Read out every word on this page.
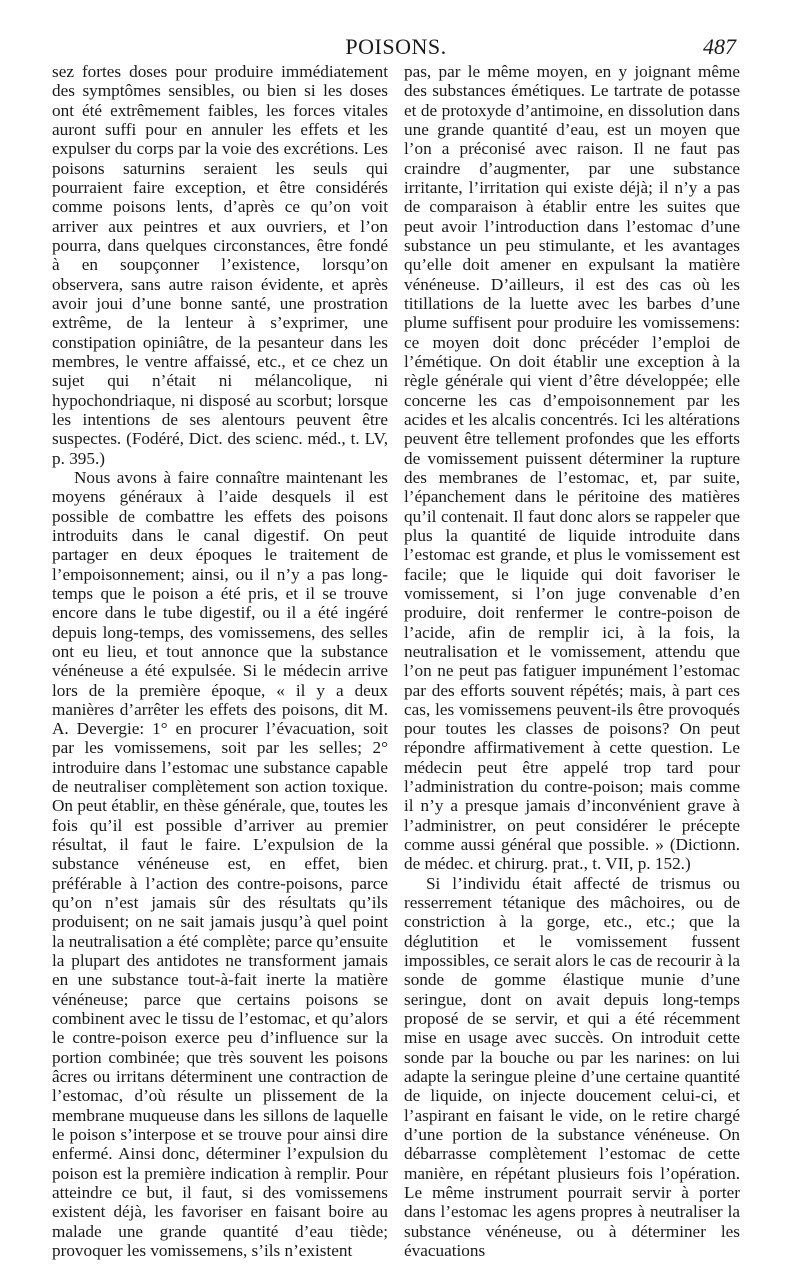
POISONS.	487

sez fortes doses pour produire immédiatement des symptômes sensibles, ou bien si les doses ont été extrêmement faibles, les forces vitales auront suffi pour en annuler les effets et les expulser du corps par la voie des excrétions. Les poisons saturnins seraient les seuls qui pourraient faire exception, et être considérés comme poisons lents, d’après ce qu’on voit arriver aux peintres et aux ouvriers, et l’on pourra, dans quelques circonstances, être fondé à en soupçonner l’existence, lorsqu’on observera, sans autre raison évidente, et après avoir joui d’une bonne santé, une prostration extrême, de la lenteur à s’exprimer, une constipation opiniâtre, de la pesanteur dans les membres, le ventre affaissé, etc., et ce chez un sujet qui n’était ni mélancolique, ni hypochondriaque, ni disposé au scorbut; lorsque les intentions de ses alentours peuvent être suspectes. (Fodéré, Dict. des scienc. méd., t. LV, p. 395.)

Nous avons à faire connaître maintenant les moyens généraux à l’aide desquels il est possible de combattre les effets des poisons introduits dans le canal digestif. On peut partager en deux époques le traitement de l’empoisonnement; ainsi, ou il n’y a pas long-temps que le poison a été pris, et il se trouve encore dans le tube digestif, ou il a été ingéré depuis long-temps, des vomissemens, des selles ont eu lieu, et tout annonce que la substance vénéneuse a été expulsée. Si le médecin arrive lors de la première époque, « il y a deux manières d’arrêter les effets des poisons, dit M. A. Devergie: 1° en procurer l’évacuation, soit par les vomissemens, soit par les selles; 2° introduire dans l’estomac une substance capable de neutraliser complètement son action toxique. On peut établir, en thèse générale, que, toutes les fois qu’il est possible d’arriver au premier résultat, il faut le faire. L’expulsion de la substance vénéneuse est, en effet, bien préférable à l’action des contre-poisons, parce qu’on n’est jamais sûr des résultats qu’ils produisent; on ne sait jamais jusqu’à quel point la neutralisation a été complète; parce qu’ensuite la plupart des antidotes ne transforment jamais en une substance tout-à-fait inerte la matière vénéneuse; parce que certains poisons se combinent avec le tissu de l’estomac, et qu’alors le contre-poison exerce peu d’influence sur la portion combinée; que très souvent les poisons âcres ou irritans déterminent une contraction de l’estomac, d’où résulte un plissement de la membrane muqueuse dans les sillons de laquelle le poison s’interpose et se trouve pour ainsi dire enfermé. Ainsi donc, déterminer l’expulsion du poison est la première indication à remplir. Pour atteindre ce but, il faut, si des vomissemens existent déjà, les favoriser en faisant boire au malade une grande quantité d’eau tiède; provoquer les vomissemens, s’ils n’existent

pas, par le même moyen, en y joignant même des substances émétiques. Le tartrate de potasse et de protoxyde d’antimoine, en dissolution dans une grande quantité d’eau, est un moyen que l’on a préconisé avec raison. Il ne faut pas craindre d’augmenter, par une substance irritante, l’irritation qui existe déjà; il n’y a pas de comparaison à établir entre les suites que peut avoir l’introduction dans l’estomac d’une substance un peu stimulante, et les avantages qu’elle doit amener en expulsant la matière vénéneuse. D’ailleurs, il est des cas où les titillations de la luette avec les barbes d’une plume suffisent pour produire les vomissemens: ce moyen doit donc précéder l’emploi de l’émétique. On doit établir une exception à la règle générale qui vient d’être développée; elle concerne les cas d’empoisonnement par les acides et les alcalis concentrés. Ici les altérations peuvent être tellement profondes que les efforts de vomissement puissent déterminer la rupture des membranes de l’estomac, et, par suite, l’épanchement dans le péritoine des matières qu’il contenait. Il faut donc alors se rappeler que plus la quantité de liquide introduite dans l’estomac est grande, et plus le vomissement est facile; que le liquide qui doit favoriser le vomissement, si l’on juge convenable d’en produire, doit renfermer le contre-poison de l’acide, afin de remplir ici, à la fois, la neutralisation et le vomissement, attendu que l’on ne peut pas fatiguer impunément l’estomac par des efforts souvent répétés; mais, à part ces cas, les vomissemens peuvent-ils être provoqués pour toutes les classes de poisons? On peut répondre affirmativement à cette question. Le médecin peut être appelé trop tard pour l’administration du contre-poison; mais comme il n’y a presque jamais d’inconvénient grave à l’administrer, on peut considérer le précepte comme aussi général que possible. » (Dictionn. de médec. et chirurg. prat., t. VII, p. 152.)

Si l’individu était affecté de trismus ou resserrement tétanique des mâchoires, ou de constriction à la gorge, etc., etc.; que la déglutition et le vomissement fussent impossibles, ce serait alors le cas de recourir à la sonde de gomme élastique munie d’une seringue, dont on avait depuis long-temps proposé de se servir, et qui a été récemment mise en usage avec succès. On introduit cette sonde par la bouche ou par les narines: on lui adapte la seringue pleine d’une certaine quantité de liquide, on injecte doucement celui-ci, et l’aspirant en faisant le vide, on le retire chargé d’une portion de la substance vénéneuse. On débarrasse complètement l’estomac de cette manière, en répétant plusieurs fois l’opération. Le même instrument pourrait servir à porter dans l’estomac les agens propres à neutraliser la substance vénéneuse, ou à déterminer les évacuations
